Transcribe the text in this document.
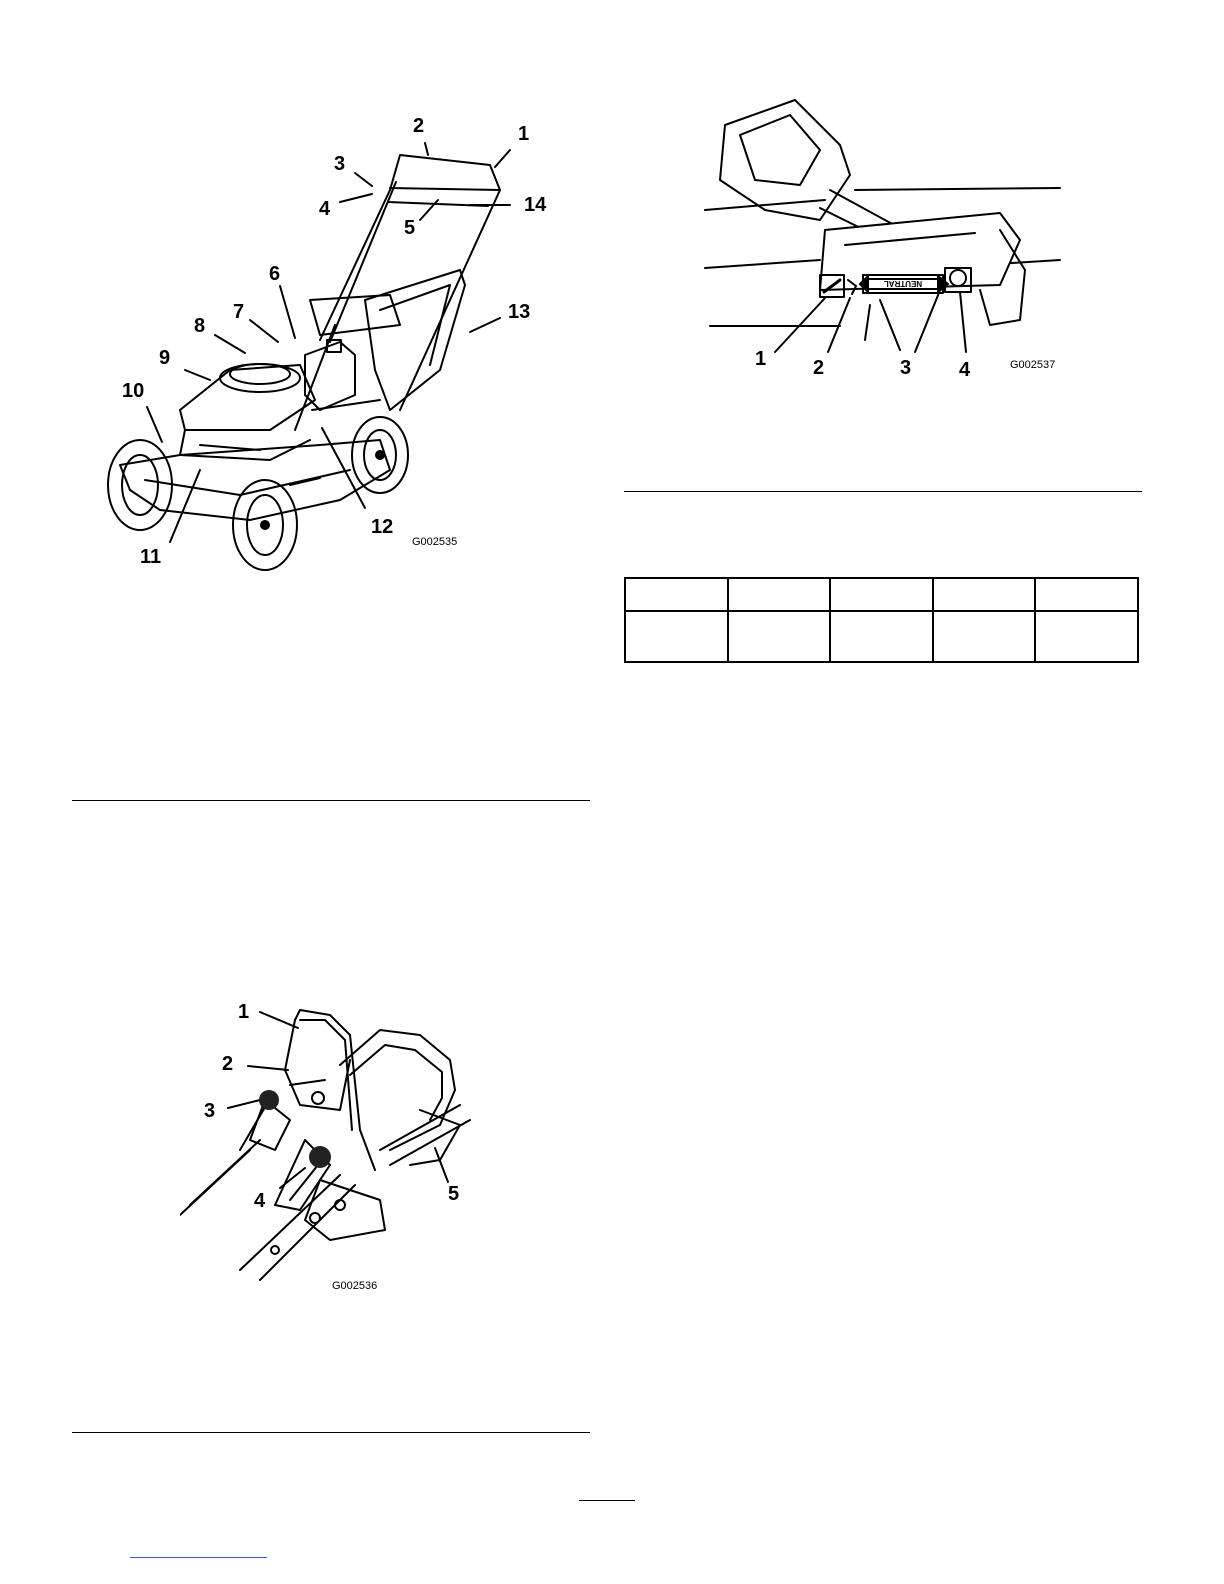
1
2
3
4
5
6
7
8
9
10
11
12
13
14
G002535
1
2
3
4	5
G002536
NEUTRAL
1 2	3 4	G002537
